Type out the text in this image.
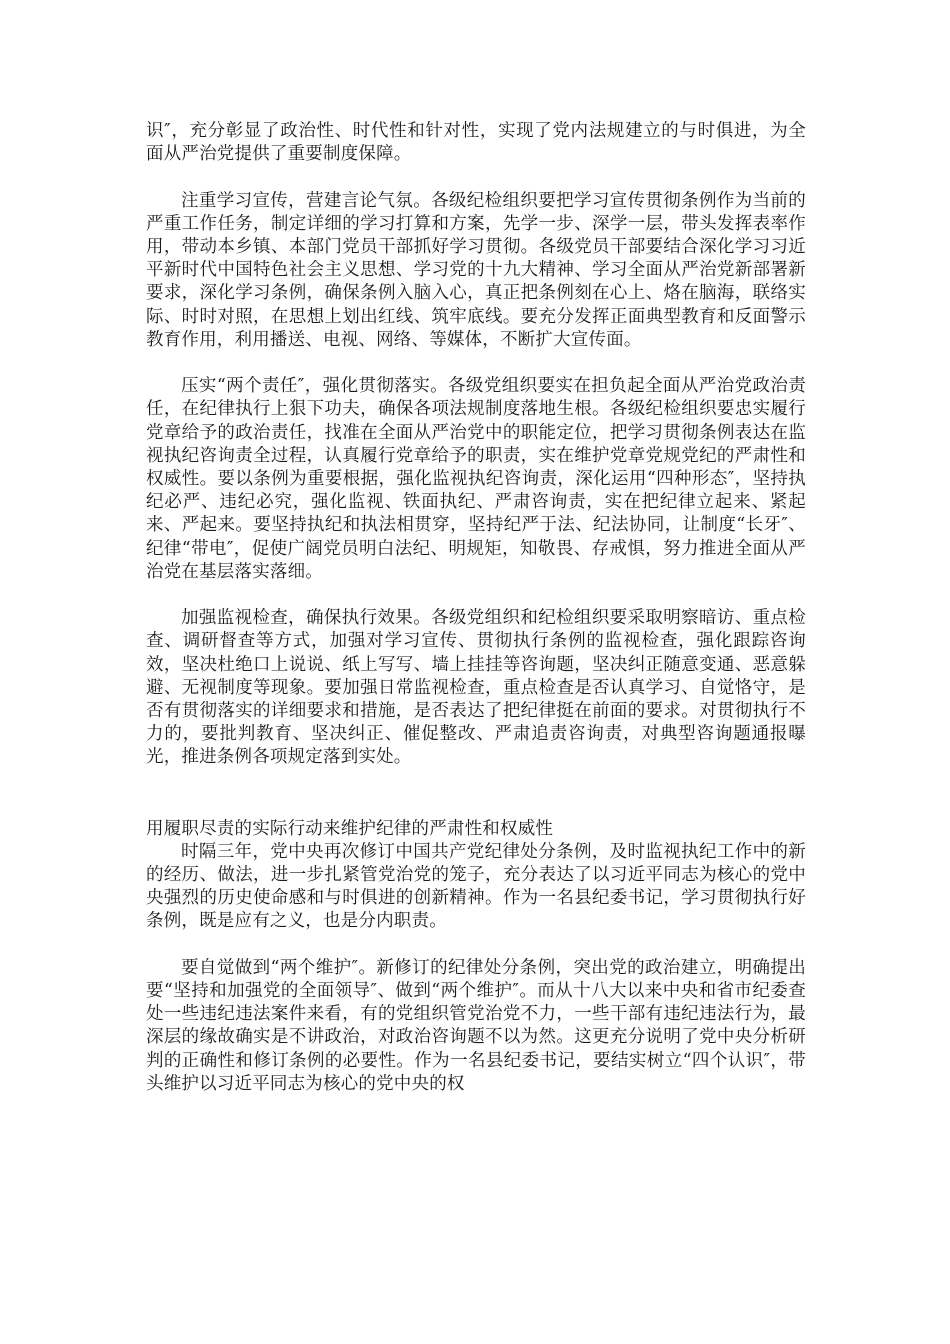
识″，充分彰显了政治性、时代性和针对性，实现了党内法规建立的与时俱进，为全面从严治党提供了重要制度保障。

注重学习宣传，营建言论气氛。各级纪检组织要把学习宣传贯彻条例作为当前的严重工作任务，制定详细的学习打算和方案，先学一步、深学一层，带头发挥表率作用，带动本乡镇、本部门党员干部抓好学习贯彻。各级党员干部要结合深化学习习近平新时代中国特色社会主义思想、学习党的十九大精神、学习全面从严治党新部署新要求，深化学习条例，确保条例入脑入心，真正把条例刻在心上、烙在脑海，联络实际、时时对照，在思想上划出红线、筑牢底线。要充分发挥正面典型教育和反面警示教育作用，利用播送、电视、网络、等媒体，不断扩大宣传面。

压实“两个责任″，强化贯彻落实。各级党组织要实在担负起全面从严治党政治责任，在纪律执行上狠下功夫，确保各项法规制度落地生根。各级纪检组织要忠实履行党章给予的政治责任，找准在全面从严治党中的职能定位，把学习贯彻条例表达在监视执纪咨询责全过程，认真履行党章给予的职责，实在维护党章党规党纪的严肃性和权威性。要以条例为重要根据，强化监视执纪咨询责，深化运用“四种形态″，坚持执纪必严、违纪必究，强化监视、铁面执纪、严肃咨询责，实在把纪律立起来、紧起来、严起来。要坚持执纪和执法相贯穿，坚持纪严于法、纪法协同，让制度“长牙″、纪律“带电″，促使广阔党员明白法纪、明规矩，知敬畏、存戒惧，努力推进全面从严治党在基层落实落细。

加强监视检查，确保执行效果。各级党组织和纪检组织要采取明察暗访、重点检查、调研督查等方式，加强对学习宣传、贯彻执行条例的监视检查，强化跟踪咨询效，坚决杜绝口上说说、纸上写写、墙上挂挂等咨询题，坚决纠正随意变通、恶意躲避、无视制度等现象。要加强日常监视检查，重点检查是否认真学习、自觉恪守，是否有贯彻落实的详细要求和措施，是否表达了把纪律挺在前面的要求。对贯彻执行不力的，要批判教育、坚决纠正、催促整改、严肃追责咨询责，对典型咨询题通报曝光，推进条例各项规定落到实处。

用履职尽责的实际行动来维护纪律的严肃性和权威性

时隔三年，党中央再次修订中国共产党纪律处分条例，及时监视执纪工作中的新的经历、做法，进一步扎紧管党治党的笼子，充分表达了以习近平同志为核心的党中央强烈的历史使命感和与时俱进的创新精神。作为一名县纪委书记，学习贯彻执行好条例，既是应有之义，也是分内职责。

要自觉做到“两个维护″。新修订的纪律处分条例，突出党的政治建立，明确提出要“坚持和加强党的全面领导″、做到“两个维护″。而从十八大以来中央和省市纪委查处一些违纪违法案件来看，有的党组织管党治党不力，一些干部有违纪违法行为，最深层的缘故确实是不讲政治，对政治咨询题不以为然。这更充分说明了党中央分析研判的正确性和修订条例的必要性。作为一名县纪委书记，要结实树立“四个认识″，带头维护以习近平同志为核心的党中央的权
